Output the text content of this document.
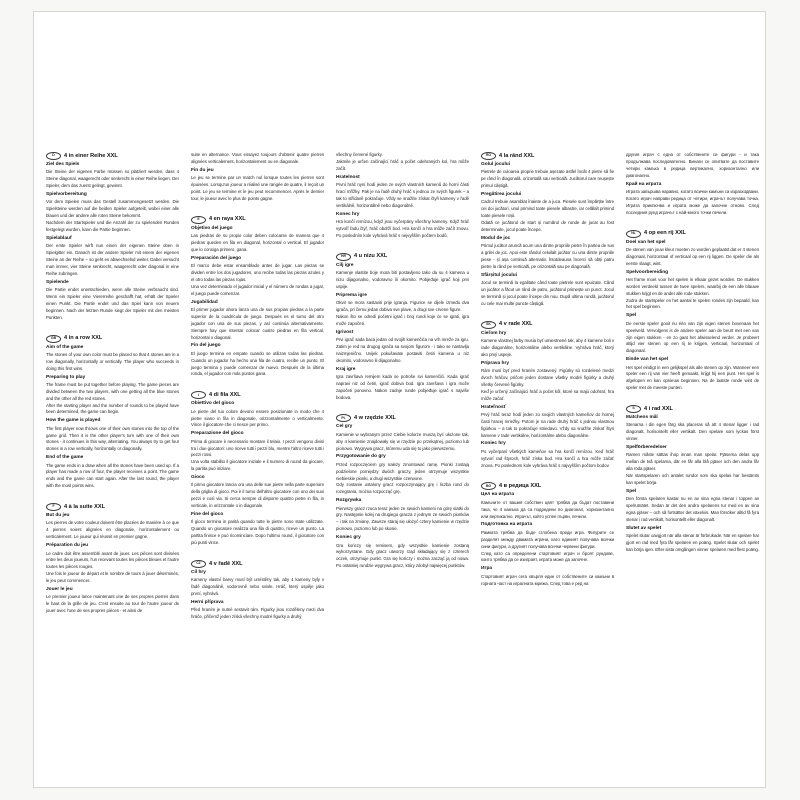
D	4 in einer Reihe XXL
Ziel des Spiels
Die Steine der eigenen Farbe müssen so platziert werden, dass 4 Steine diagonal, waagerecht oder senkrecht in einer Reihe liegen. Der Spieler, dem das zuerst gelingt, gewinnt.
Spielvorbereitung
Vor dem Spielen muss das Gestell zusammengesetzt werden. Die Spielsteine werden auf die beiden Spieler aufgeteilt, wobei einer alle blauen und der andere alle roten Steine bekommt.
Nachdem der Startspieler und die Anzahl der zu spielenden Runden festgelegt wurden, kann die Partie beginnen.
Spielablauf
Der erste Spieler wirft nun einen der eigenen Steine oben in Spielgitter ein. Danach ist der andere Spieler mit einem der eigenen Steine an der Reihe – so geht es abwechselnd weiter. Dabei versucht man immer, vier Steine senkrecht, waagerecht oder diagonal in eine Reihe zubringen.
Spielende
Die Partie endet unentschieden, wenn alle Steine verbraucht sind. Wenn ein Spieler eine Viererreihe geschafft hat, erhält der Spieler einen Punkt. Die Partie endet und das Spiel kann von neuem beginnen. Nach der letzten Runde siegt der Spieler mit den meisten Punkten.
GB	4 in a row XXL
Aim of the game
The stones of your own color must be placed so that 4 stones are in a row diagonally, horizontally or vertically. The player who succeeds in doing this first wins.
Preparing to play
The frame must be put together before playing. The game pieces are divided between the two players, with one getting all the blue stones and the other all the red stones.
After the starting player and the number of rounds to be played have been determined, the game can begin.
How the game is played
The first player now throws one of their own stones into the top of the game grid. Then it is the other player's turn with one of their own stones - it continues in this way, alternating. You always try to get four stones in a row vertically, horizontally or diagonally.
End of the game
The game ends in a draw when all the stones have been used up. If a player has made a row of four, the player receives a point. The game ends and the game can start again. After the last round, the player with the most points wins.
F	4 à la suite XXL
But du jeu
Les pierres de votre couleur doivent être placées de manière à ce que 4 pierres soient alignées en diagonale, horizontalement ou verticalement. Le joueur qui réussit en premier gagne.
Préparation du jeu
Le cadre doit être assemblé avant de jouer. Les pièces sont divisées entre les deux joueurs, l'un recevant toutes les pièces bleues et l'autre toutes les pièces rouges.
Une fois le joueur de départ et le nombre de tours à jouer déterminés, le jeu peut commencer.
Jouer le jeu
Le premier joueur lance maintenant une de ses propres pierres dans le haut de la grille de jeu. C'est ensuite au tour de l'autre joueur de jouer avec l'une de ses propres pièces - et ainsi de
suite en alternance. Vous essayez toujours d'obtenir quatre pierres alignées verticalement, horizontalement ou en diagonale.
Fin du jeu
Le jeu se termine par un match nul lorsque toutes les pierres sont épuisées. Lorsqu'un joueur a réalisé une rangée de quatre, il reçoit un point. Le jeu se termine et le jeu peut recommencer. Après le dernier tour, le joueur avec le plus de points gagne.
E	4 en raya XXL
Objetivo del juego
Las piedras de su propio color deben colocarse de manera que 4 piedras queden en fila en diagonal, horizontal o vertical. El jugador que lo consiga primero, gana.
Preparación del juego
El marco debe estar ensamblado antes de jugar. Las piezas se dividen entre los dos jugadores, uno recibe todas las piezas azules y el otro todas las piezas rojas.
Una vez determinado el jugador inicial y el número de rondas a jugar, el juego puede comenzar.
Jugabilidad
El primer jugador ahora lanza una de sus propias piedras a la parte superior de la cuadrícula de juego. Después es el turno del otro jugador con una de sus piezas, y así continúa alternativamente. Siempre hay que intentar colocar cuatro piedras en fila vertical, horizontal o diagonal.
Fin del juego
El juego termina en empate cuando se utilizan todas las piedras. Cuando un jugador ha hecho una fila de cuatro, recibe un punto. El juego termina y puede comenzar de nuevo. Después de la última ronda, el jugador con más puntos gana.
I	4 di fila XXL
Obiettivo del gioco
Le pietre del tuo colore devono essere posizionate in modo che 4 pietre siano in fila in diagonale, orizzontalmente o verticalmente. Vince il giocatore che ci riesce per primo.
Preparazione del gioco
Prima di giocare è necessario montare il telaio. I pezzi vengono divisi tra i due giocatori: uno riceve tutti i pezzi blu, mentre l'altro riceve tutti i pezzi rossi.
Una volta stabilito il giocatore iniziale e il numero di round da giocare, la partita può iniziare.
Gioco
Il primo giocatore lancia ora una delle sue pietre nella parte superiore della griglia di gioco. Poi è il turno dell'altro giocatore con uno dei suoi pezzi e così via. Si cerca sempre di disporre quattro pietre in fila, in verticale, in orizzontale o in diagonale.
Fine del gioco
Il gioco termina in parità quando tutte le pietre sono state utilizzate. Quando un giocatore realizza una fila di quattro, riceve un punto. La partita finisce e può ricominciare. Dopo l'ultimo round, il giocatore con più punti vince.
CZ	4 v řadě XXL
Cíl hry
Kameny vlastní barvy musí být umístěny tak, aby 4 kameny byly v řadě diagonálně, vodorovně nebo svisle. Hráč, který uspěje jako první, vyhrává.
Herní příprava
Před hraním je nutné sestavit rám. Figurky jsou rozděleny mezi dva hráče, přičemž jeden získá všechny modré figurky a druhý
všechny červené figurky.
Jakmile je určen začínající hráč a počet odehraných kol, hra může začít.
Hratelnost
První hráč nyní hodí jeden ze svých vlastních kamenů do horní části hrací mřížky. Pak je na řadě druhý hráč s jednou ze svých figurek – a tak to střídavě pokračuje. Vždy se snažíte získat čtyři kameny v řadě vertikálně, horizontálně nebo diagonálně.
Konec hry
Hra končí remízou, když jsou vyčerpány všechny kameny. Když hráč vytvoří řadu čtyř, hráč obdrží bod. Hra končí a hra může začít znovu. Po posledním kole vyhrává hráč s nejvyšším počtem bodů.
HR	4 u nizu XXL
Cilj igre
Kamenje vlastite boje mora biti postavljeno tako da su 4 kamena u nizu dijagonalno, vodoravno ili okomito. Pobjeđuje igrač koji prvi uspije.
Priprema igre
Okvir se mora sastaviti prije igranja. Figurice se dijele između dva igrača, pri čemu jedan dobiva sve plave, a drugi sve crvene figure.
Nakon što se odredi početni igrač i broj rundi koje će se igrati, igra može započeti.
Igrivost
Prvi igrač sada baca jedan od svojih kamenčića na vrh mreže za igru. Zatim je red na drugog igrača sa svojom figurom - i tako se nastavlja naizmjenično. Uvijek pokušavate postaviti četiri kamena u niz okomito, vodoravno ili dijagonalno.
Kraj igre
Igra završava remijem kada se potroše svi kamenčići. Kada igrač napravi niz od četiri, igrač dobiva bod. Igra završava i igra može započeti ponovno. Nakon zadnje runde pobjeđuje igrač s najviše bodova.
PL	4 w rzędzie XXL
Cel gry
Kamienie w wybranym przez Ciebie kolorze muszą być ułożone tak, aby 4 kamienie znajdowały się w rzędzie po przekątnej, poziomo lub pionowo. Wygrywa gracz, któremu uda się to jako pierwszemu.
Przygotowanie do gry
Przed rozpoczęciem gry należy zmontować ramę. Pionki zostają podzielone pomiędzy dwóch graczy, jeden otrzymuje wszystkie niebieskie pionki, a drugi wszystkie czerwone.
Gdy zostanie ustalony gracz rozpoczynający grę i liczba rund do rozegrania, można rozpocząć grę.
Rozgrywka
Pierwszy gracz rzuca teraz jeden ze swoich kamieni na górę siatki do gry. Następnie kolej na drugiego gracza z jednym ze swoich pionków – i tak na zmianę. Zawsze staraj się ułożyć cztery kamienie w rzędzie pionowo, poziomo lub po skosie.
Koniec gry
Gra kończy się remisem, gdy wszystkie kamienie zostaną wykorzystane. Gdy gracz utworzy rząd składający się z czterech oczek, otrzymuje punkt. Gra się kończy i można zacząć ją od nowa. Po ostatniej rundzie wygrywa gracz, który zdobył najwięcej punktów.
RO	4 la rând XXL
Golul jocului
Pietrele de culoarea proprie trebuie așezate astfel încât 4 pietre să fie pe rând în diagonală, orizontală sau verticală. Jucătorul care reușește primul câștigă.
Pregătirea jocului
Cadrul trebuie asamblat înainte de a juca. Piesele sunt împărțite între cei doi jucători, unul primind toate piesele albastre, iar celălalt primind toate piesele roșii.
Odată ce jucătorul de start și numărul de runde de jucat au fost determinate, jocul poate începe.
Modul de joc
Primul jucător aruncă acum una dintre propriile pietre în partea de sus a grilei de joc. Apoi este rândul celuilalt jucător cu una dintre propriile piese - și așa continuă alternativ. Întotdeauna încerci să obții patru pietre la rând pe verticală, pe orizontală sau pe diagonală.
Sfârșitul jocului
Jocul se termină la egalitate când toate pietrele sunt epuizate. Când un jucător a făcut un rând de patru, jucătorul primește un punct. Jocul se termină și jocul poate începe din nou. După ultima rundă, jucătorul cu cele mai multe puncte câștigă.
SK	4 v rade XXL
Cieľom hry
Kamene vlastnej farby musia byť umiestnené tak, aby 4 kamene boli v rade diagonálne, horizontálne alebo vertikálne. Vyhráva hráč, ktorý ako prvý uspeje.
Príprava hry
Rám musí byť pred hraním zostavený. Figúrky sú rozdelené medzi dvoch hráčov, pričom jeden dostane všetky modré figúrky a druhý všetky červené figúrky.
Keď je určený začínajúci hráč a počet kôl, ktoré sa majú odohrať, hra môže začať.
Hrateľnosť
Prvý hráč teraz hodí jeden zo svojich vlastných kameňov do hornej časti hracej mriežky. Potom je na rade druhý hráč s jednou vlastnou figúrkou – a tak to pokračuje striedavo. Vždy sa snažíte získať štyri kamene v rade vertikálne, horizontálne alebo diagonálne.
Koniec hry
Po vyčerpaní všetkých kameňov sa hra končí remízou. Keď hráč vytvorí rad štyroch, hráč získa bod. Hra končí a hra môže začať znova. Po poslednom kole vyhráva hráč s najvyšším počtom bodov.
BG	4 в редица XXL
Цел на играта
Камъните от вашия собствен цвят трябва да бъдат поставени така, че 4 камъка да са подредени по диагонал, хоризонтално или вертикално. Играчът, който успее първи, печели.
Подготовка на играта
Рамката трябва да бъде сглобена преди игра. Фигурите се разделят между двамата играчи, като единият получава всички сини фигури, а другият получава всички червени фигури.
След като са определени стартовият играч и броят рундове, които трябва да се изиграят, играта може да започне.
Игра
Стартовият играч сега хвърля един от собствените си камъни в горната част на игралната мрежа. След това е ред на
другия играч с една от собствените си фигури - и така продължава последователно. Винаги се опитвате да поставите четири камъка в редица вертикално, хоризонтално или диагонално.
Край на играта
Играта завършва наравно, когато всички камъни са изразходвани. Когато играч направи редица от четири, играчът получава точка. Играта приключва и играта може да започне отново. След последния рунд играчът с най-много точки печели.
NL	4 op een rij XXL
Doel van het spel
De stenen van jouw kleur moeten zo worden geplaatst dat er 4 stenen diagonaal, horizontaal of verticaal op een rij liggen. De speler die als eerste slaagt, wint.
Spelvoorbereiding
Het frame moet voor het spelen in elkaar gezet worden. De stukken worden verdeeld tussen de twee spelers, waarbij de een alle blauwe stukken krijgt en de ander alle rode stukken.
Zodra de startspeler en het aantal te spelen rondes zijn bepaald, kan het spel beginnen.
Spel
De eerste speler gooit nu één van zijn eigen stenen bovenaan het speelveld. Vervolgens is de andere speler aan de beurt met een van zijn eigen stukken - en zo gaat het afwisselend verder. Je probeert altijd vier stenen op een rij te krijgen, verticaal, horizontaal of diagonaal.
Einde van het spel
Het spel eindigt in een gelijkspel als alle stenen op zijn. Wanneer een speler een rij van vier heeft gemaakt, krijgt hij een punt. Het spel is afgelopen en kan opnieuw beginnen. Na de laatste ronde wint de speler met de meeste punten.
S	4 i rad XXL
Matchens mål
Stenarna i din egen färg ska placeras så att 4 stenar ligger i rad diagonalt, horisontellt eller vertikalt. Den spelare som lyckas först vinner.
Spelförberedelser
Ramen måste sättas ihop innan man spelar. Pjäserna delas upp mellan de två spelarna, där en får alla blå pjäser och den andra får alla röda pjäser.
När startspelaren och antalet rundor som ska spelas har bestämts kan spelet börja.
Spel
Den första spelaren kastar nu en av sina egna stenar i toppen av spelrutnätet. Sedan är det den andra spelarens tur med en av sina egna pjäser – och så fortsätter det växelvis. Man försöker alltid få fyra stenar i rad vertikalt, horisontellt eller diagonalt.
Slutet av spelet
Spelet slutar oavgjort när alla stenar är förbrukade. När en spelare har gjort en rad med fyra får spelaren en poäng. Spelet slutar och spelet kan börja igen. Efter sista omgången vinner spelaren med flest poäng.
